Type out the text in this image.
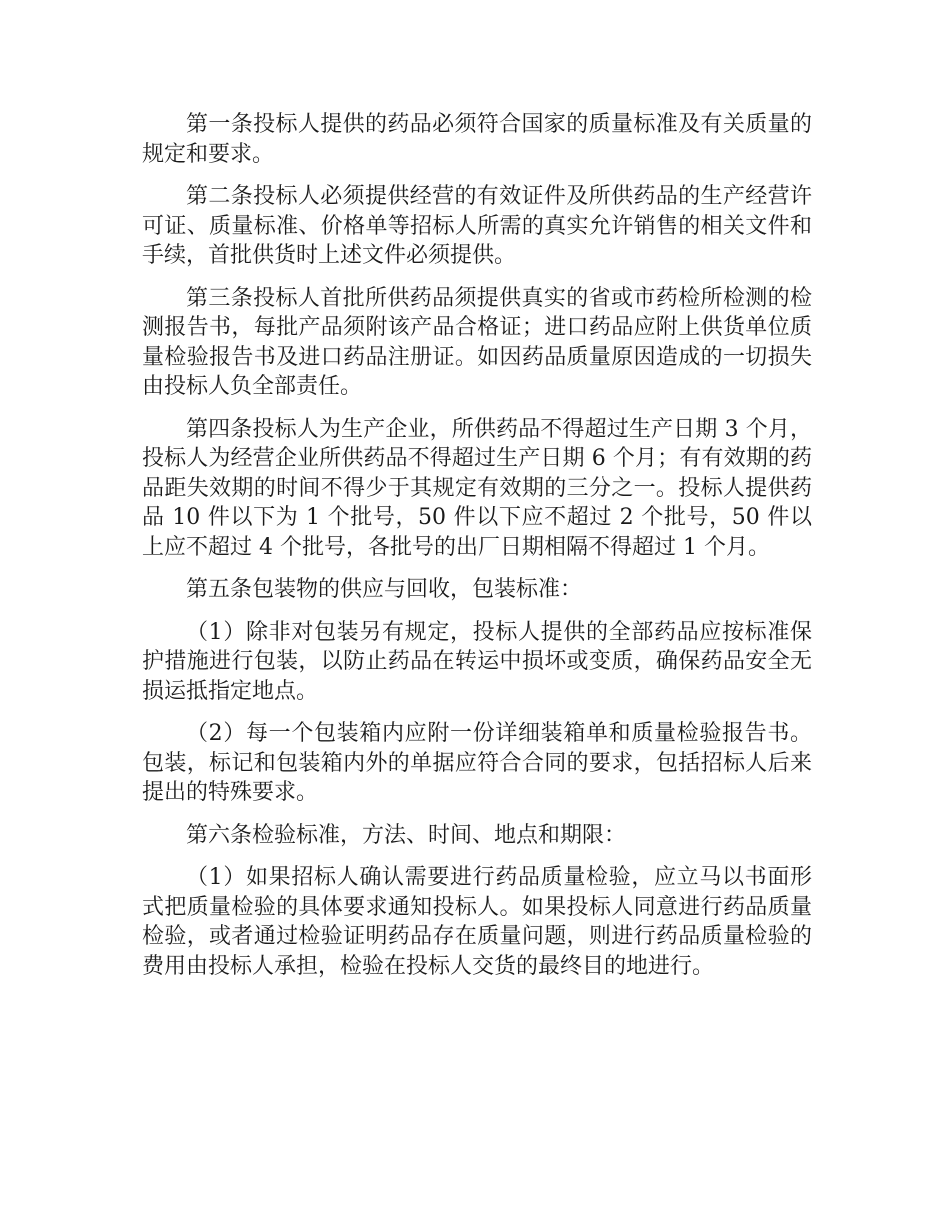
第一条投标人提供的药品必须符合国家的质量标准及有关质量的规定和要求。

第二条投标人必须提供经营的有效证件及所供药品的生产经营许可证、质量标准、价格单等招标人所需的真实允许销售的相关文件和手续，首批供货时上述文件必须提供。

第三条投标人首批所供药品须提供真实的省或市药检所检测的检测报告书，每批产品须附该产品合格证；进口药品应附上供货单位质量检验报告书及进口药品注册证。如因药品质量原因造成的一切损失由投标人负全部责任。

第四条投标人为生产企业，所供药品不得超过生产日期 3 个月，投标人为经营企业所供药品不得超过生产日期 6 个月；有有效期的药品距失效期的时间不得少于其规定有效期的三分之一。投标人提供药品 10 件以下为 1 个批号，50 件以下应不超过 2 个批号，50 件以上应不超过 4 个批号，各批号的出厂日期相隔不得超过 1 个月。

第五条包装物的供应与回收，包装标准：

（1）除非对包装另有规定，投标人提供的全部药品应按标准保护措施进行包装，以防止药品在转运中损坏或变质，确保药品安全无损运抵指定地点。

（2）每一个包装箱内应附一份详细装箱单和质量检验报告书。包装，标记和包装箱内外的单据应符合合同的要求，包括招标人后来提出的特殊要求。

第六条检验标准，方法、时间、地点和期限：

（1）如果招标人确认需要进行药品质量检验，应立马以书面形式把质量检验的具体要求通知投标人。如果投标人同意进行药品质量检验，或者通过检验证明药品存在质量问题，则进行药品质量检验的费用由投标人承担，检验在投标人交货的最终目的地进行。
